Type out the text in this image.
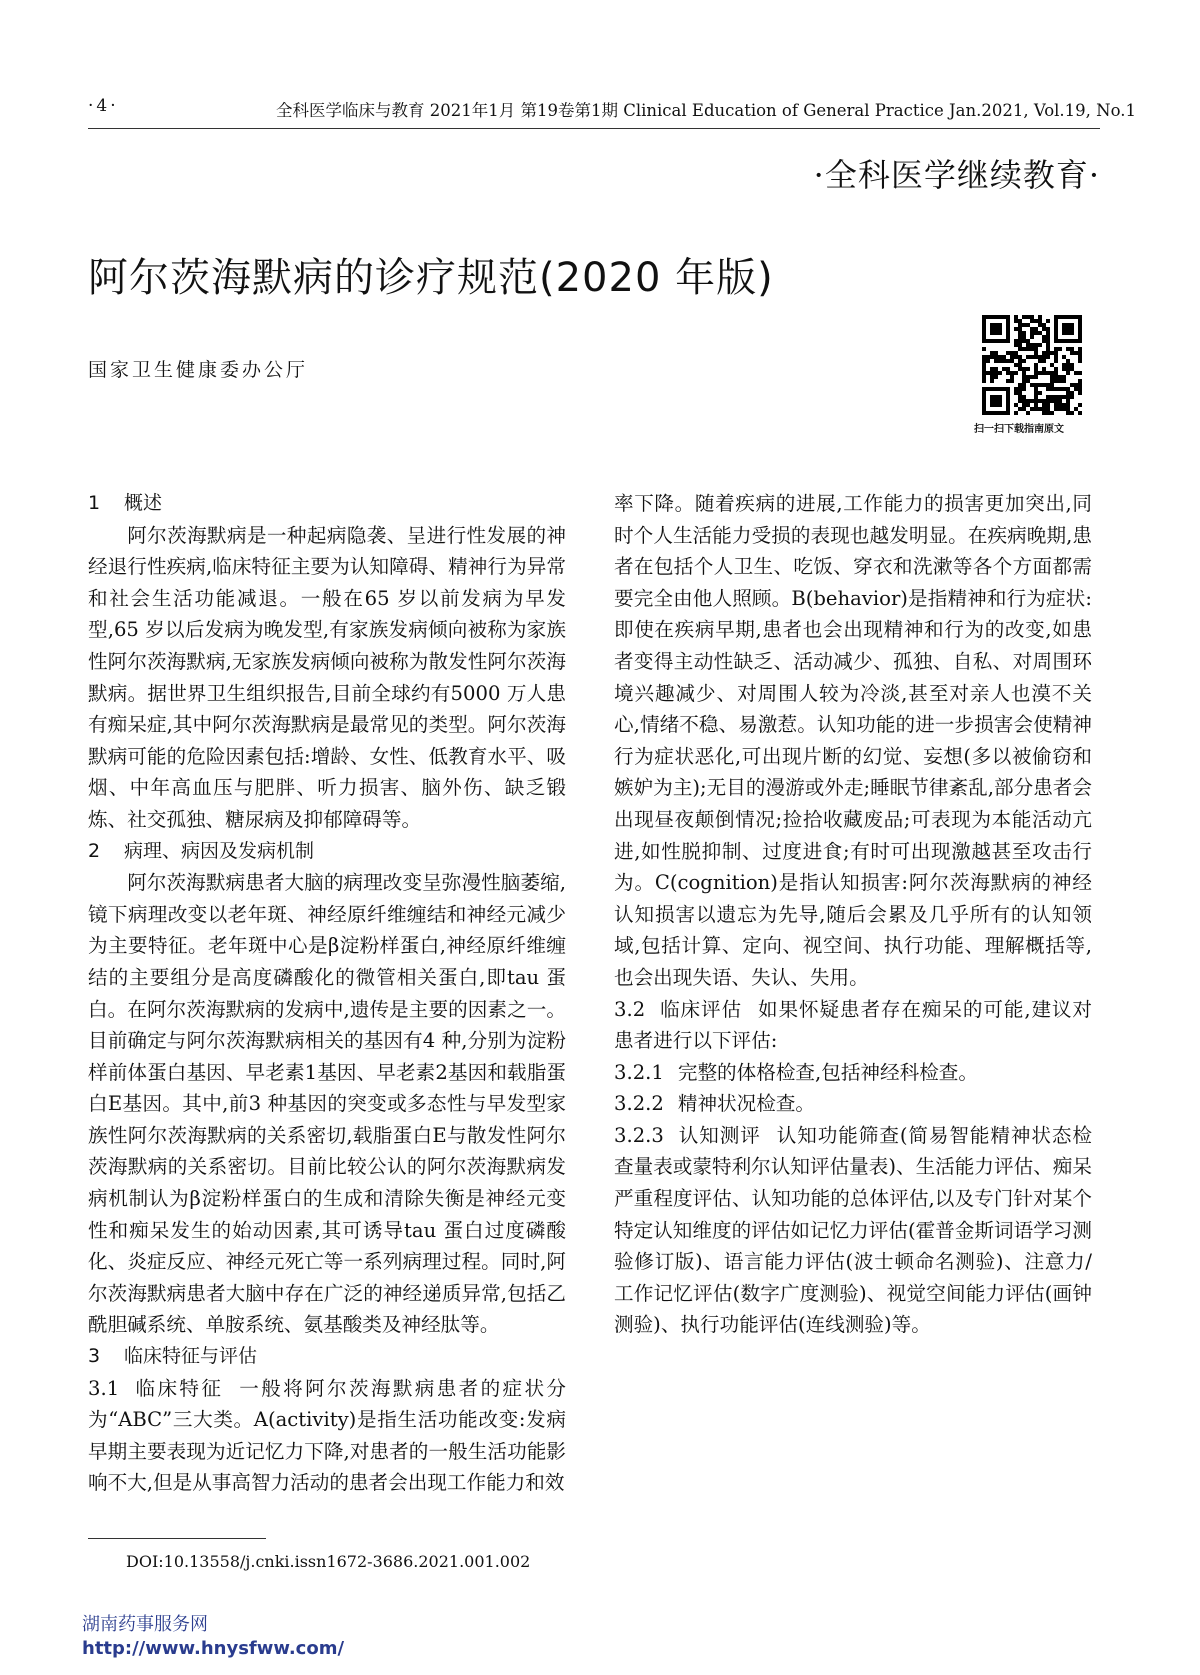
·4·	全科医学临床与教育 2021年1月 第19卷第1期 Clinical Education of General Practice Jan.2021, Vol.19, No.1
·全科医学继续教育·
阿尔茨海默病的诊疗规范(2020 年版)
国家卫生健康委办公厅
扫一扫下载指南原文

1 概述

阿尔茨海默病是一种起病隐袭、呈进行性发展的神经退行性疾病,临床特征主要为认知障碍、精神行为异常和社会生活功能减退。一般在65 岁以前发病为早发型,65 岁以后发病为晚发型,有家族发病倾向被称为家族性阿尔茨海默病,无家族发病倾向被称为散发性阿尔茨海默病。据世界卫生组织报告,目前全球约有5000 万人患有痴呆症,其中阿尔茨海默病是最常见的类型。阿尔茨海默病可能的危险因素包括:增龄、女性、低教育水平、吸烟、中年高血压与肥胖、听力损害、脑外伤、缺乏锻炼、社交孤独、糖尿病及抑郁障碍等。

2 病理、病因及发病机制

阿尔茨海默病患者大脑的病理改变呈弥漫性脑萎缩,镜下病理改变以老年斑、神经原纤维缠结和神经元减少为主要特征。老年斑中心是β淀粉样蛋白,神经原纤维缠结的主要组分是高度磷酸化的微管相关蛋白,即tau 蛋白。在阿尔茨海默病的发病中,遗传是主要的因素之一。目前确定与阿尔茨海默病相关的基因有4 种,分别为淀粉样前体蛋白基因、早老素1基因、早老素2基因和载脂蛋白E基因。其中,前3 种基因的突变或多态性与早发型家族性阿尔茨海默病的关系密切,载脂蛋白E与散发性阿尔茨海默病的关系密切。目前比较公认的阿尔茨海默病发病机制认为β淀粉样蛋白的生成和清除失衡是神经元变性和痴呆发生的始动因素,其可诱导tau 蛋白过度磷酸化、炎症反应、神经元死亡等一系列病理过程。同时,阿尔茨海默病患者大脑中存在广泛的神经递质异常,包括乙酰胆碱系统、单胺系统、氨基酸类及神经肽等。

3 临床特征与评估

3.1 临床特征 一般将阿尔茨海默病患者的症状分为“ABC”三大类。A(activity)是指生活功能改变:发病早期主要表现为近记忆力下降,对患者的一般生活功能影响不大,但是从事高智力活动的患者会出现工作能力和效

率下降。随着疾病的进展,工作能力的损害更加突出,同时个人生活能力受损的表现也越发明显。在疾病晚期,患者在包括个人卫生、吃饭、穿衣和洗漱等各个方面都需要完全由他人照顾。B(behavior)是指精神和行为症状:即使在疾病早期,患者也会出现精神和行为的改变,如患者变得主动性缺乏、活动减少、孤独、自私、对周围环境兴趣减少、对周围人较为冷淡,甚至对亲人也漠不关心,情绪不稳、易激惹。认知功能的进一步损害会使精神行为症状恶化,可出现片断的幻觉、妄想(多以被偷窃和嫉妒为主);无目的漫游或外走;睡眠节律紊乱,部分患者会出现昼夜颠倒情况;捡拾收藏废品;可表现为本能活动亢进,如性脱抑制、过度进食;有时可出现激越甚至攻击行为。C(cognition)是指认知损害:阿尔茨海默病的神经认知损害以遗忘为先导,随后会累及几乎所有的认知领域,包括计算、定向、视空间、执行功能、理解概括等,也会出现失语、失认、失用。

3.2 临床评估 如果怀疑患者存在痴呆的可能,建议对患者进行以下评估:

3.2.1 完整的体格检查,包括神经科检查。

3.2.2 精神状况检查。

3.2.3 认知测评 认知功能筛查(简易智能精神状态检查量表或蒙特利尔认知评估量表)、生活能力评估、痴呆严重程度评估、认知功能的总体评估,以及专门针对某个特定认知维度的评估如记忆力评估(霍普金斯词语学习测验修订版)、语言能力评估(波士顿命名测验)、注意力/工作记忆评估(数字广度测验)、视觉空间能力评估(画钟测验)、执行功能评估(连线测验)等。

DOI:10.13558/j.cnki.issn1672-3686.2021.001.002
湖南药事服务网
http://www.hnysfww.com/
